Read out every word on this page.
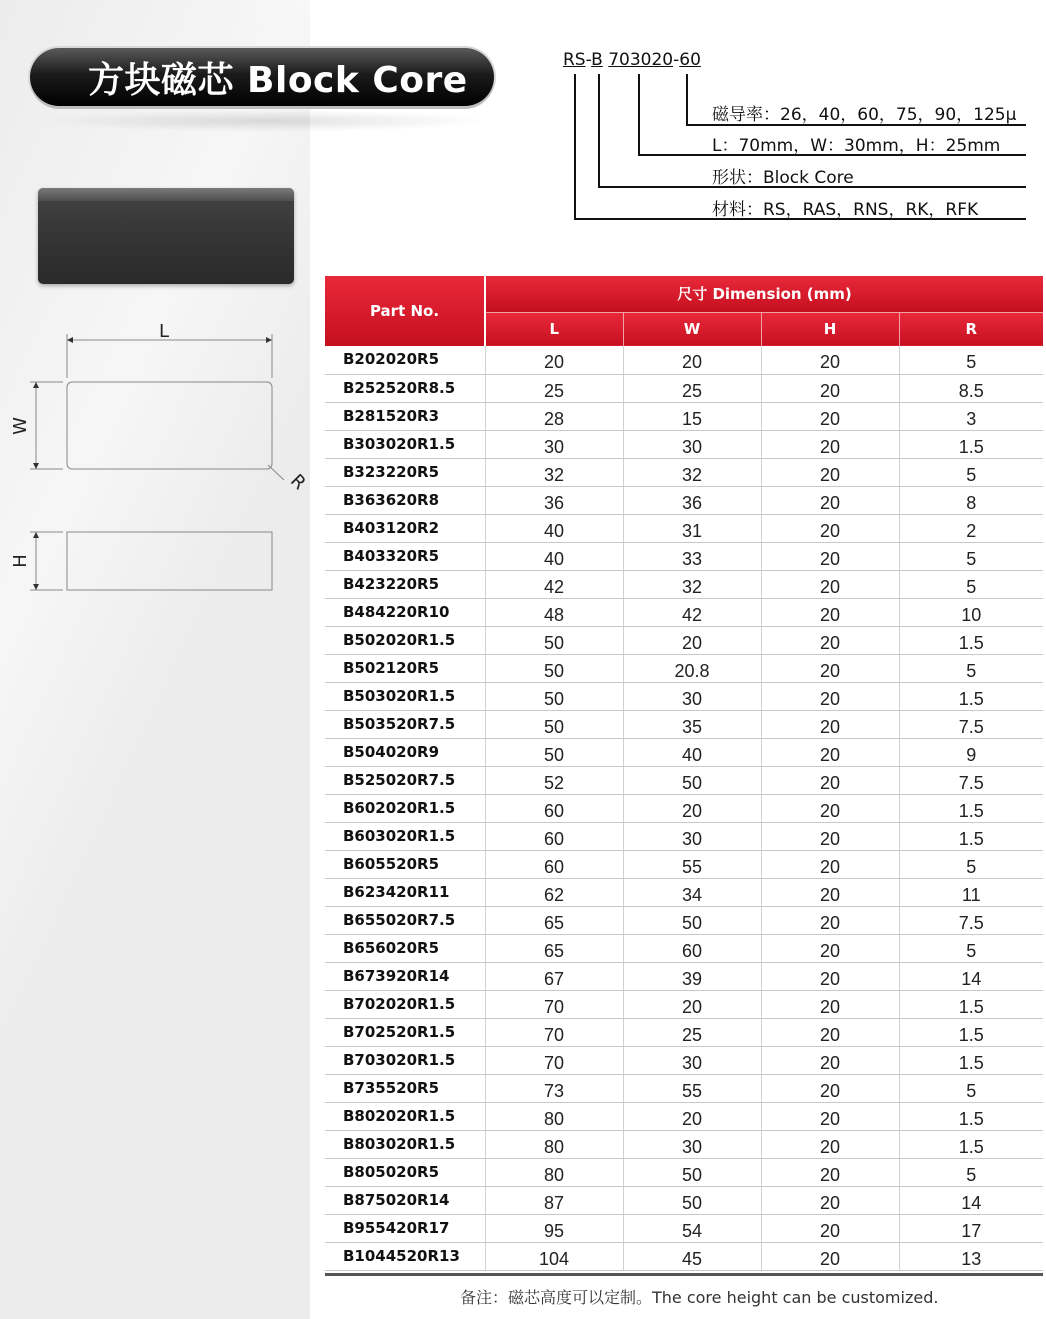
方块磁芯 Block Core	RS-B 703020-60
磁导率：26，40，60，75，90，125μ
L：70mm，W：30mm，H：25mm
形状：Block Core
材料：RS，RAS，RNS，RK，RFK
L
W
R
H
Part No.	尺寸 Dimension (mm)			
	L	W	H	R
B202020R5	20	20	20	5
B252520R8.5	25	25	20	8.5
B281520R3	28	15	20	3
B303020R1.5	30	30	20	1.5
B323220R5	32	32	20	5
B363620R8	36	36	20	8
B403120R2	40	31	20	2
B403320R5	40	33	20	5
B423220R5	42	32	20	5
B484220R10	48	42	20	10
B502020R1.5	50	20	20	1.5
B502120R5	50	20.8	20	5
B503020R1.5	50	30	20	1.5
B503520R7.5	50	35	20	7.5
B504020R9	50	40	20	9
B525020R7.5	52	50	20	7.5
B602020R1.5	60	20	20	1.5
B603020R1.5	60	30	20	1.5
B605520R5	60	55	20	5
B623420R11	62	34	20	11
B655020R7.5	65	50	20	7.5
B656020R5	65	60	20	5
B673920R14	67	39	20	14
B702020R1.5	70	20	20	1.5
B702520R1.5	70	25	20	1.5
B703020R1.5	70	30	20	1.5
B735520R5	73	55	20	5
B802020R1.5	80	20	20	1.5
B803020R1.5	80	30	20	1.5
B805020R5	80	50	20	5
B875020R14	87	50	20	14
B955420R17	95	54	20	17
B1044520R13	104	45	20	13
备注：磁芯高度可以定制。The core height can be customized.
